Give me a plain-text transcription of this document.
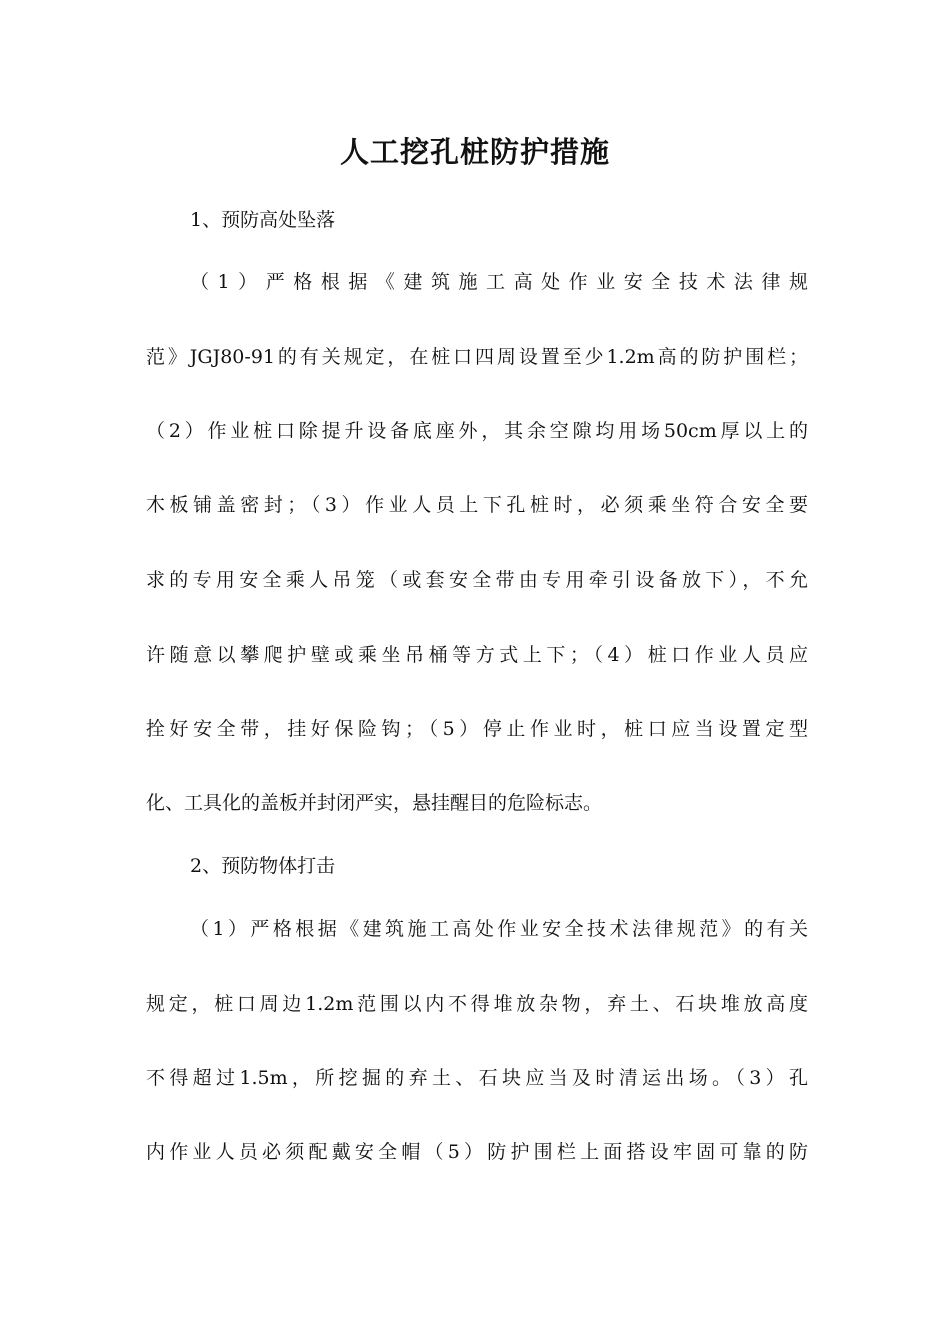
人工挖孔桩防护措施
1、预防高处坠落
（1）严格根据《建筑施工高处作业安全技术法律规
范》JGJ80-91的有关规定，在桩口四周设置至少1.2m高的防护围栏；
（2）作业桩口除提升设备底座外，其余空隙均用场50cm厚以上的
木板铺盖密封；（3）作业人员上下孔桩时，必须乘坐符合安全要
求的专用安全乘人吊笼（或套安全带由专用牵引设备放下），不允
许随意以攀爬护壁或乘坐吊桶等方式上下；（4）桩口作业人员应
拴好安全带，挂好保险钩；（5）停止作业时，桩口应当设置定型
化、工具化的盖板并封闭严实，悬挂醒目的危险标志。
2、预防物体打击
（1）严格根据《建筑施工高处作业安全技术法律规范》的有关
规定，桩口周边1.2m范围以内不得堆放杂物，弃土、石块堆放高度
不得超过1.5m，所挖掘的弃土、石块应当及时清运出场。（3）孔
内作业人员必须配戴安全帽（5）防护围栏上面搭设牢固可靠的防
